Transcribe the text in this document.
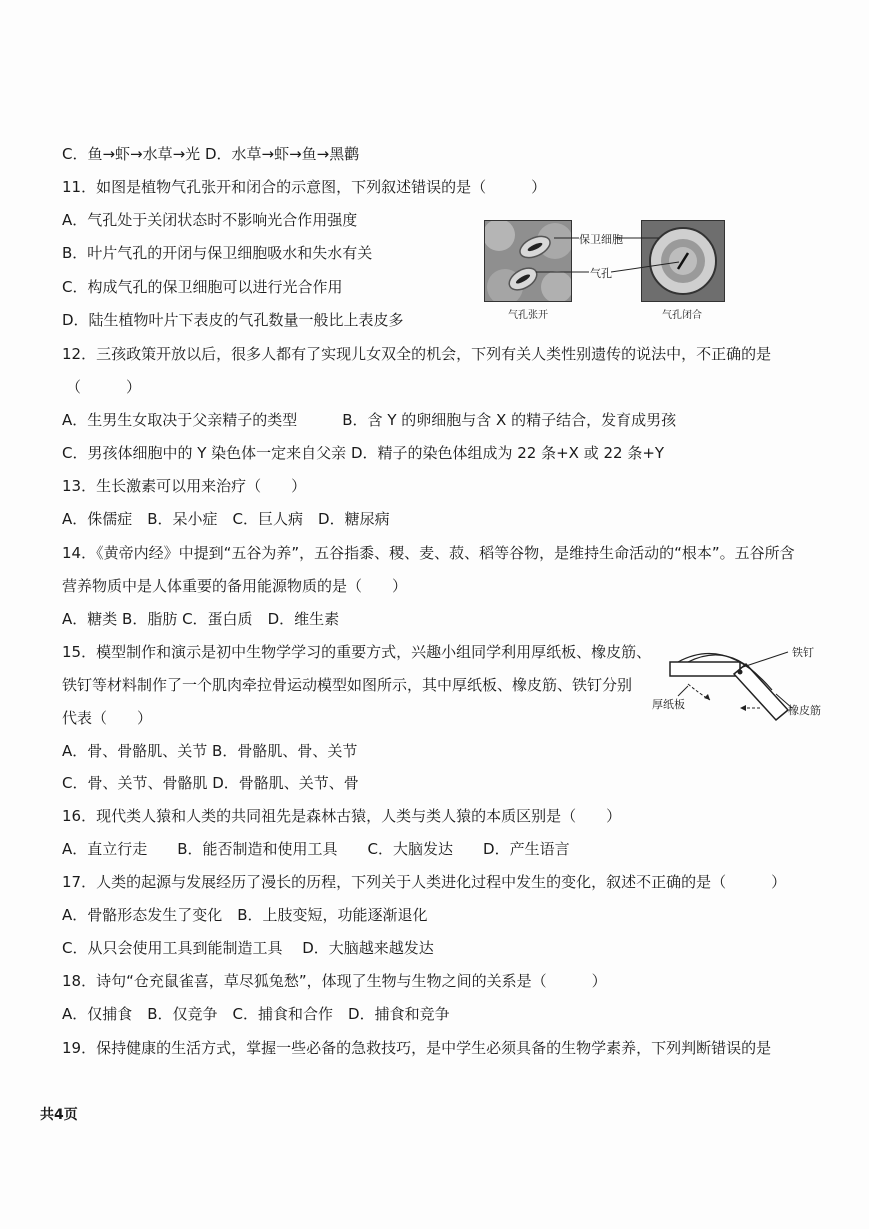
C．鱼→虾→水草→光 D．水草→虾→鱼→黑鹳
11．如图是植物气孔张开和闭合的示意图，下列叙述错误的是（　　　）
A．气孔处于关闭状态时不影响光合作用强度
B．叶片气孔的开闭与保卫细胞吸水和失水有关
C．构成气孔的保卫细胞可以进行光合作用
D．陆生植物叶片下表皮的气孔数量一般比上表皮多
12．三孩政策开放以后，很多人都有了实现儿女双全的机会，下列有关人类性别遗传的说法中，不正确的是
（　　　）
A．生男生女取决于父亲精子的类型　　　B．含 Y 的卵细胞与含 X 的精子结合，发育成男孩
C．男孩体细胞中的 Y 染色体一定来自父亲 D．精子的染色体组成为 22 条+X 或 22 条+Y
13．生长激素可以用来治疗（　　）
A．侏儒症　B．呆小症　C．巨人病　D．糖尿病
14．《黄帝内经》中提到“五谷为养”，五谷指黍、稷、麦、菽、稻等谷物，是维持生命活动的“根本”。五谷所含
营养物质中是人体重要的备用能源物质的是（　　）
A．糖类 B．脂肪 C．蛋白质　D．维生素
15．模型制作和演示是初中生物学学习的重要方式，兴趣小组同学利用厚纸板、橡皮筋、
铁钉等材料制作了一个肌肉牵拉骨运动模型如图所示，其中厚纸板、橡皮筋、铁钉分别
代表（　　）
A．骨、骨骼肌、关节 B．骨骼肌、骨、关节
C．骨、关节、骨骼肌 D．骨骼肌、关节、骨
16．现代类人猿和人类的共同祖先是森林古猿，人类与类人猿的本质区别是（　　）
A．直立行走　　B．能否制造和使用工具　　C．大脑发达　　D．产生语言
17．人类的起源与发展经历了漫长的历程，下列关于人类进化过程中发生的变化，叙述不正确的是（　　　）
A．骨骼形态发生了变化　B．上肢变短，功能逐渐退化
C．从只会使用工具到能制造工具　 D．大脑越来越发达
18．诗句“仓充鼠雀喜，草尽狐兔愁”，体现了生物与生物之间的关系是（　　　）
A．仅捕食　B．仅竞争　C．捕食和合作　D．捕食和竞争
19．保持健康的生活方式，掌握一些必备的急救技巧，是中学生必须具备的生物学素养，下列判断错误的是
保卫细胞
气孔
气孔张开	气孔闭合
铁钉
厚纸板	橡皮筋
共4页
